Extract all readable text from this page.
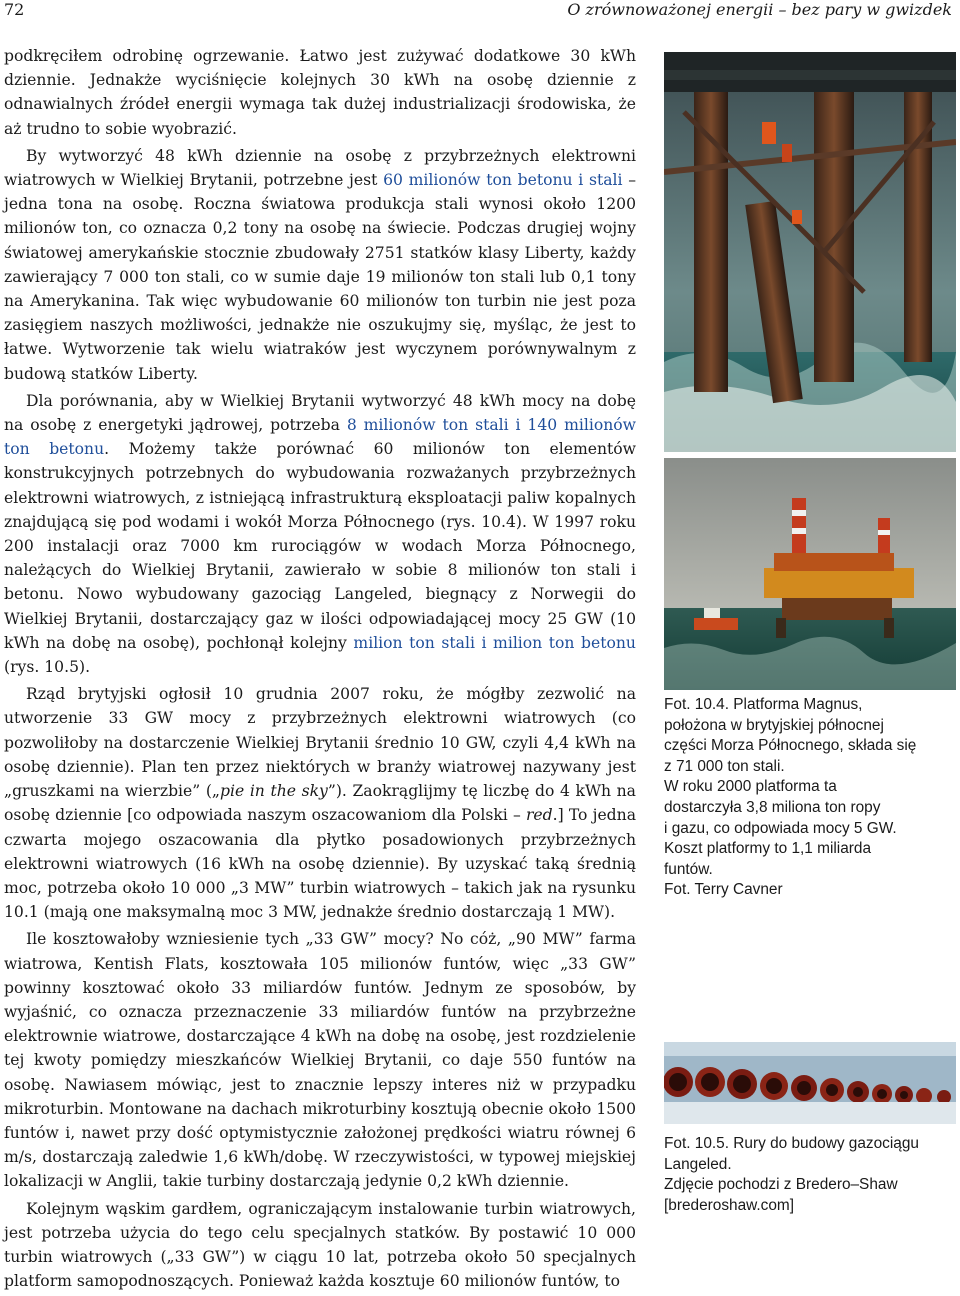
72	O zrównoważonej energii – bez pary w gwizdek

podkręciłem odrobinę ogrzewanie. Łatwo jest zużywać dodatkowe 30 kWh dziennie. Jednakże wyciśnięcie kolejnych 30 kWh na osobę dziennie z odnawialnych źródeł energii wymaga tak dużej industrializacji środowiska, że aż trudno to sobie wyobrazić.

By wytworzyć 48 kWh dziennie na osobę z przybrzeżnych elektrowni wiatrowych w Wielkiej Brytanii, potrzebne jest 60 milionów ton betonu i stali – jedna tona na osobę. Roczna światowa produkcja stali wynosi około 1200 milionów ton, co oznacza 0,2 tony na osobę na świecie. Podczas drugiej wojny światowej amerykańskie stocznie zbudowały 2751 statków klasy Liberty, każdy zawierający 7 000 ton stali, co w sumie daje 19 milionów ton stali lub 0,1 tony na Amerykanina. Tak więc wybudowanie 60 milionów ton turbin nie jest poza zasięgiem naszych możliwości, jednakże nie oszukujmy się, myśląc, że jest to łatwe. Wytworzenie tak wielu wiatraków jest wyczynem porównywalnym z budową statków Liberty.

Dla porównania, aby w Wielkiej Brytanii wytworzyć 48 kWh mocy na dobę na osobę z energetyki jądrowej, potrzeba 8 milionów ton stali i 140 milionów ton betonu. Możemy także porównać 60 milionów ton elementów konstrukcyjnych potrzebnych do wybudowania rozważanych przybrzeżnych elektrowni wiatrowych, z istniejącą infrastrukturą eksploatacji paliw kopalnych znajdującą się pod wodami i wokół Morza Północnego (rys. 10.4). W 1997 roku 200 instalacji oraz 7000 km rurociągów w wodach Morza Północnego, należących do Wielkiej Brytanii, zawierało w sobie 8 milionów ton stali i betonu. Nowo wybudowany gazociąg Langeled, biegnący z Norwegii do Wielkiej Brytanii, dostarczający gaz w ilości odpowiadającej mocy 25 GW (10 kWh na dobę na osobę), pochłonął kolejny milion ton stali i milion ton betonu (rys. 10.5).

Rząd brytyjski ogłosił 10 grudnia 2007 roku, że mógłby zezwolić na utworzenie 33 GW mocy z przybrzeżnych elektrowni wiatrowych (co pozwoliłoby na dostarczenie Wielkiej Brytanii średnio 10 GW, czyli 4,4 kWh na osobę dziennie). Plan ten przez niektórych w branży wiatrowej nazywany jest „gruszkami na wierzbie” („pie in the sky”). Zaokrąglijmy tę liczbę do 4 kWh na osobę dziennie [co odpowiada naszym oszacowaniom dla Polski – red.] To jedna czwarta mojego oszacowania dla płytko posadowionych przybrzeżnych elektrowni wiatrowych (16 kWh na osobę dziennie). By uzyskać taką średnią moc, potrzeba około 10 000 „3 MW” turbin wiatrowych – takich jak na rysunku 10.1 (mają one maksymalną moc 3 MW, jednakże średnio dostarczają 1 MW).

Ile kosztowałoby wzniesienie tych „33 GW” mocy? No cóż, „90 MW” farma wiatrowa, Kentish Flats, kosztowała 105 milionów funtów, więc „33 GW” powinny kosztować około 33 miliardów funtów. Jednym ze sposobów, by wyjaśnić, co oznacza przeznaczenie 33 miliardów funtów na przybrzeżne elektrownie wiatrowe, dostarczające 4 kWh na dobę na osobę, jest rozdzielenie tej kwoty pomiędzy mieszkańców Wielkiej Brytanii, co daje 550 funtów na osobę. Nawiasem mówiąc, jest to znacznie lepszy interes niż w przypadku mikroturbin. Montowane na dachach mikroturbiny kosztują obecnie około 1500 funtów i, nawet przy dość optymistycznie założonej prędkości wiatru równej 6 m/s, dostarczają zaledwie 1,6 kWh/dobę. W rzeczywistości, w typowej miejskiej lokalizacji w Anglii, takie turbiny dostarczają jedynie 0,2 kWh dziennie.

Kolejnym wąskim gardłem, ograniczającym instalowanie turbin wiatrowych, jest potrzeba użycia do tego celu specjalnych statków. By postawić 10 000 turbin wiatrowych („33 GW”) w ciągu 10 lat, potrzeba około 50 specjalnych platform samopodnoszących. Ponieważ każda kosztuje 60 milionów funtów, to

Fot. 10.4. Platforma Magnus,

położona w brytyjskiej północnej

części Morza Północnego, składa się

z 71 000 ton stali.

W roku 2000 platforma ta

dostarczyła 3,8 miliona ton ropy

i gazu, co odpowiada mocy 5 GW.

Koszt platformy to 1,1 miliarda

funtów.

Fot. Terry Cavner

Fot. 10.5. Rury do budowy gazociągu

Langeled.

Zdjęcie pochodzi z Bredero–Shaw

[brederoshaw.com]
